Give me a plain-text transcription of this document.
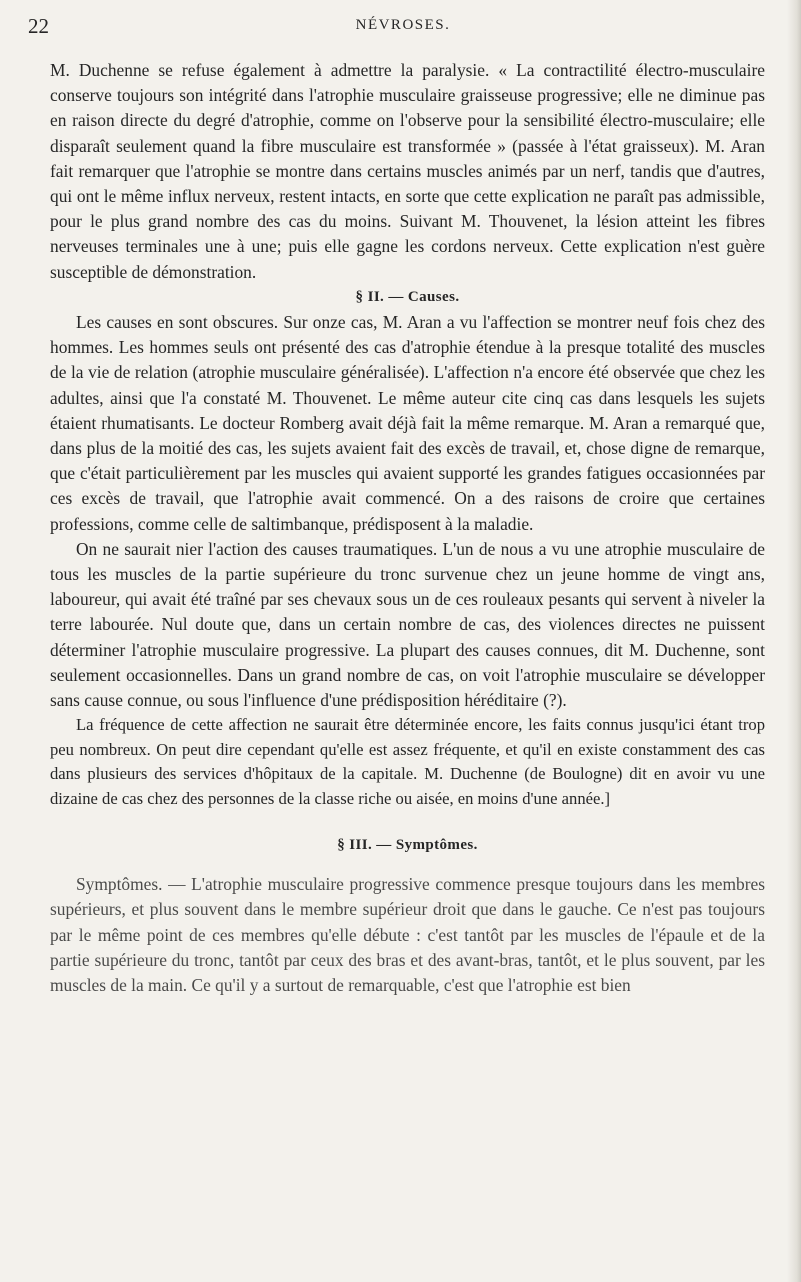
22	NÉVROSES.

M. Duchenne se refuse également à admettre la paralysie. « La contractilité électro-musculaire conserve toujours son intégrité dans l'atrophie musculaire graisseuse progressive; elle ne diminue pas en raison directe du degré d'atrophie, comme on l'observe pour la sensibilité électro-musculaire; elle disparaît seulement quand la fibre musculaire est transformée » (passée à l'état graisseux). M. Aran fait remarquer que l'atrophie se montre dans certains muscles animés par un nerf, tandis que d'autres, qui ont le même influx nerveux, restent intacts, en sorte que cette explication ne paraît pas admissible, pour le plus grand nombre des cas du moins. Suivant M. Thouvenet, la lésion atteint les fibres nerveuses terminales une à une; puis elle gagne les cordons nerveux. Cette explication n'est guère susceptible de démonstration.

§ II. — Causes.

Les causes en sont obscures. Sur onze cas, M. Aran a vu l'affection se montrer neuf fois chez des hommes. Les hommes seuls ont présenté des cas d'atrophie étendue à la presque totalité des muscles de la vie de relation (atrophie musculaire généralisée). L'affection n'a encore été observée que chez les adultes, ainsi que l'a constaté M. Thouvenet. Le même auteur cite cinq cas dans lesquels les sujets étaient rhumatisants. Le docteur Romberg avait déjà fait la même remarque. M. Aran a remarqué que, dans plus de la moitié des cas, les sujets avaient fait des excès de travail, et, chose digne de remarque, que c'était particulièrement par les muscles qui avaient supporté les grandes fatigues occasionnées par ces excès de travail, que l'atrophie avait commencé. On a des raisons de croire que certaines professions, comme celle de saltimbanque, prédisposent à la maladie.

On ne saurait nier l'action des causes traumatiques. L'un de nous a vu une atrophie musculaire de tous les muscles de la partie supérieure du tronc survenue chez un jeune homme de vingt ans, laboureur, qui avait été traîné par ses chevaux sous un de ces rouleaux pesants qui servent à niveler la terre labourée. Nul doute que, dans un certain nombre de cas, des violences directes ne puissent déterminer l'atrophie musculaire progressive. La plupart des causes connues, dit M. Duchenne, sont seulement occasionnelles. Dans un grand nombre de cas, on voit l'atrophie musculaire se développer sans cause connue, ou sous l'influence d'une prédisposition héréditaire (?).

La fréquence de cette affection ne saurait être déterminée encore, les faits connus jusqu'ici étant trop peu nombreux. On peut dire cependant qu'elle est assez fréquente, et qu'il en existe constamment des cas dans plusieurs des services d'hôpitaux de la capitale. M. Duchenne (de Boulogne) dit en avoir vu une dizaine de cas chez des personnes de la classe riche ou aisée, en moins d'une année.]

§ III. — Symptômes.

Symptômes. — L'atrophie musculaire progressive commence presque toujours dans les membres supérieurs, et plus souvent dans le membre supérieur droit que dans le gauche. Ce n'est pas toujours par le même point de ces membres qu'elle débute : c'est tantôt par les muscles de l'épaule et de la partie supérieure du tronc, tantôt par ceux des bras et des avant-bras, tantôt, et le plus souvent, par les muscles de la main. Ce qu'il y a surtout de remarquable, c'est que l'atrophie est bien
